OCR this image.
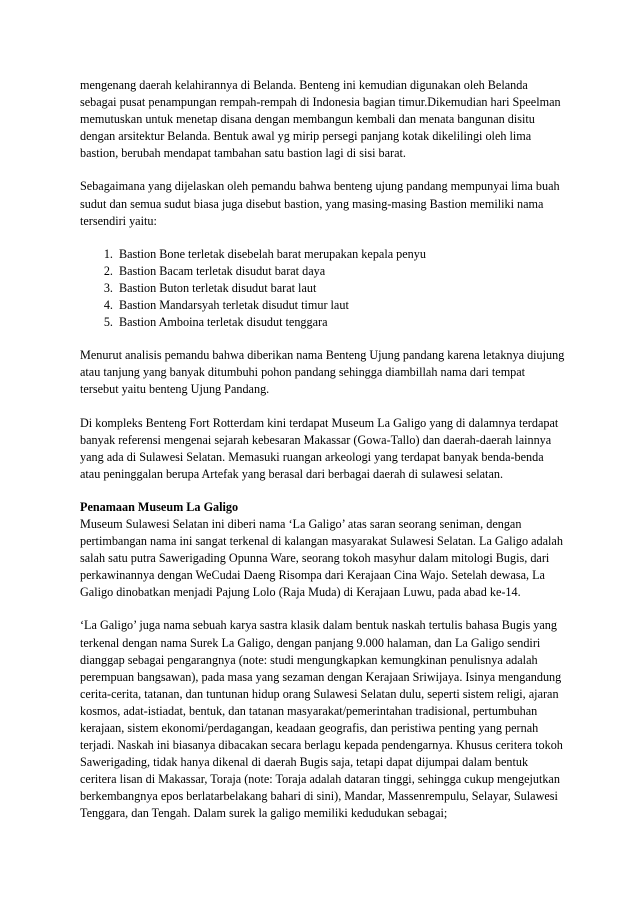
mengenang daerah kelahirannya di Belanda. Benteng ini kemudian digunakan oleh Belanda sebagai pusat penampungan rempah-rempah di Indonesia bagian timur.Dikemudian hari Speelman memutuskan untuk menetap disana dengan membangun kembali dan menata bangunan disitu dengan arsitektur Belanda. Bentuk awal yg mirip persegi panjang kotak dikelilingi oleh lima bastion, berubah mendapat tambahan satu bastion lagi di sisi barat.

Sebagaimana yang dijelaskan oleh pemandu bahwa benteng ujung pandang mempunyai lima buah sudut dan semua sudut biasa juga disebut bastion, yang masing-masing Bastion memiliki nama tersendiri yaitu:

1. Bastion Bone terletak disebelah barat merupakan kepala penyu
2. Bastion Bacam terletak disudut barat daya
3. Bastion Buton terletak disudut barat laut
4. Bastion Mandarsyah terletak disudut timur laut
5. Bastion Amboina terletak disudut tenggara

Menurut analisis pemandu bahwa diberikan nama Benteng Ujung pandang karena letaknya diujung atau tanjung yang banyak ditumbuhi pohon pandang sehingga diambillah nama dari tempat tersebut yaitu benteng Ujung Pandang.

Di kompleks Benteng Fort Rotterdam kini terdapat Museum La Galigo yang di dalamnya terdapat banyak referensi mengenai sejarah kebesaran Makassar (Gowa-Tallo) dan daerah-daerah lainnya yang ada di Sulawesi Selatan. Memasuki ruangan arkeologi yang terdapat banyak benda-benda atau peninggalan berupa Artefak yang berasal dari berbagai daerah di sulawesi selatan.

Penamaan Museum La Galigo

Museum Sulawesi Selatan ini diberi nama ‘La Galigo’ atas saran seorang seniman, dengan pertimbangan nama ini sangat terkenal di kalangan masyarakat Sulawesi Selatan. La Galigo adalah salah satu putra Sawerigading Opunna Ware, seorang tokoh masyhur dalam mitologi Bugis, dari perkawinannya dengan WeCudai Daeng Risompa dari Kerajaan Cina Wajo. Setelah dewasa, La Galigo dinobatkan menjadi Pajung Lolo (Raja Muda) di Kerajaan Luwu, pada abad ke-14.

‘La Galigo’ juga nama sebuah karya sastra klasik dalam bentuk naskah tertulis bahasa Bugis yang terkenal dengan nama Surek La Galigo, dengan panjang 9.000 halaman, dan La Galigo sendiri dianggap sebagai pengarangnya (note: studi mengungkapkan kemungkinan penulisnya adalah perempuan bangsawan), pada masa yang sezaman dengan Kerajaan Sriwijaya. Isinya mengandung cerita-cerita, tatanan, dan tuntunan hidup orang Sulawesi Selatan dulu, seperti sistem religi, ajaran kosmos, adat-istiadat, bentuk, dan tatanan masyarakat/pemerintahan tradisional, pertumbuhan kerajaan, sistem ekonomi/perdagangan, keadaan geografis, dan peristiwa penting yang pernah terjadi. Naskah ini biasanya dibacakan secara berlagu kepada pendengarnya. Khusus ceritera tokoh Sawerigading, tidak hanya dikenal di daerah Bugis saja, tetapi dapat dijumpai dalam bentuk ceritera lisan di Makassar, Toraja (note: Toraja adalah dataran tinggi, sehingga cukup mengejutkan berkembangnya epos berlatarbelakang bahari di sini), Mandar, Massenrempulu, Selayar, Sulawesi Tenggara, dan Tengah. Dalam surek la galigo memiliki kedudukan sebagai;
